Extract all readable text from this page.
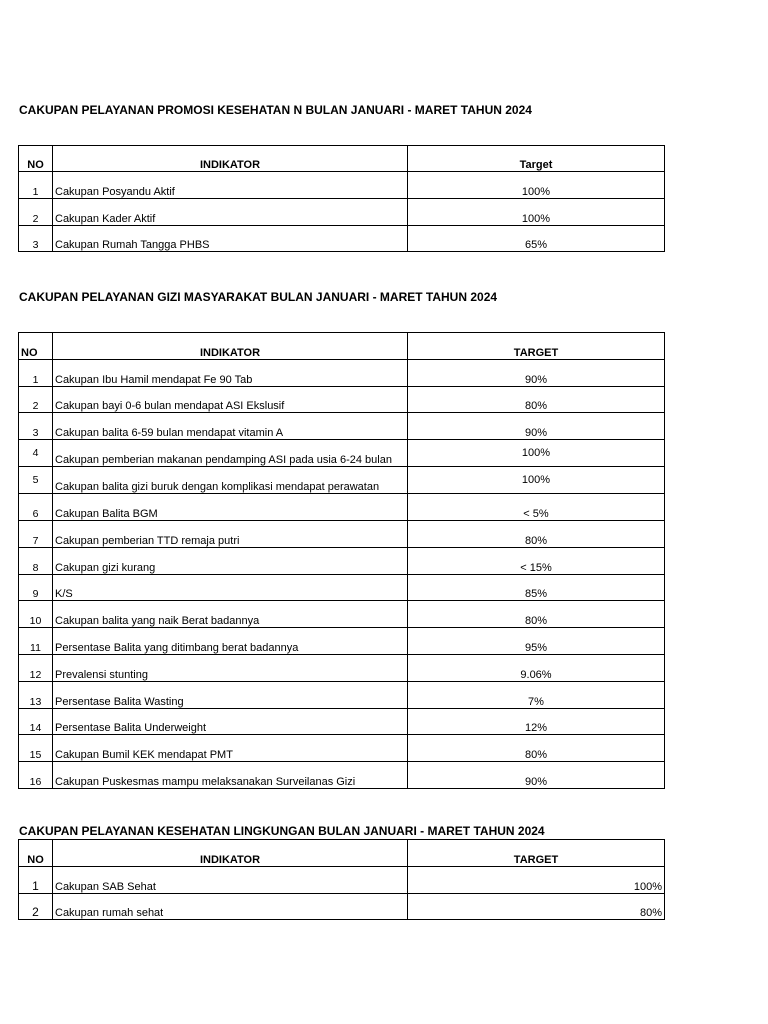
CAKUPAN PELAYANAN PROMOSI KESEHATAN N BULAN JANUARI - MARET TAHUN 2024
NO	INDIKATOR	Target
1	Cakupan Posyandu Aktif	100%
2	Cakupan Kader Aktif	100%
3	Cakupan Rumah Tangga PHBS	65%
CAKUPAN PELAYANAN GIZI MASYARAKAT BULAN JANUARI - MARET TAHUN 2024
NO	INDIKATOR	TARGET
1	Cakupan Ibu Hamil mendapat Fe 90 Tab	90%
2	Cakupan bayi 0-6 bulan mendapat ASI Ekslusif	80%
3	Cakupan balita 6-59 bulan mendapat vitamin A	90%
4	Cakupan pemberian makanan pendamping ASI pada usia 6-24 bulan	100%
5	Cakupan balita gizi buruk dengan komplikasi mendapat perawatan	100%
6	Cakupan Balita BGM	< 5%
7	Cakupan pemberian TTD remaja putri	80%
8	Cakupan gizi kurang	< 15%
9	K/S	85%
10	Cakupan balita yang naik Berat badannya	80%
11	Persentase Balita yang ditimbang berat badannya	95%
12	Prevalensi stunting	9.06%
13	Persentase Balita Wasting	7%
14	Persentase Balita Underweight	12%
15	Cakupan Bumil KEK mendapat PMT	80%
16	Cakupan Puskesmas mampu melaksanakan Surveilanas Gizi	90%
CAKUPAN PELAYANAN KESEHATAN LINGKUNGAN BULAN JANUARI - MARET TAHUN 2024
NO	INDIKATOR	TARGET
1	Cakupan SAB Sehat	100%
2	Cakupan rumah sehat	80%
